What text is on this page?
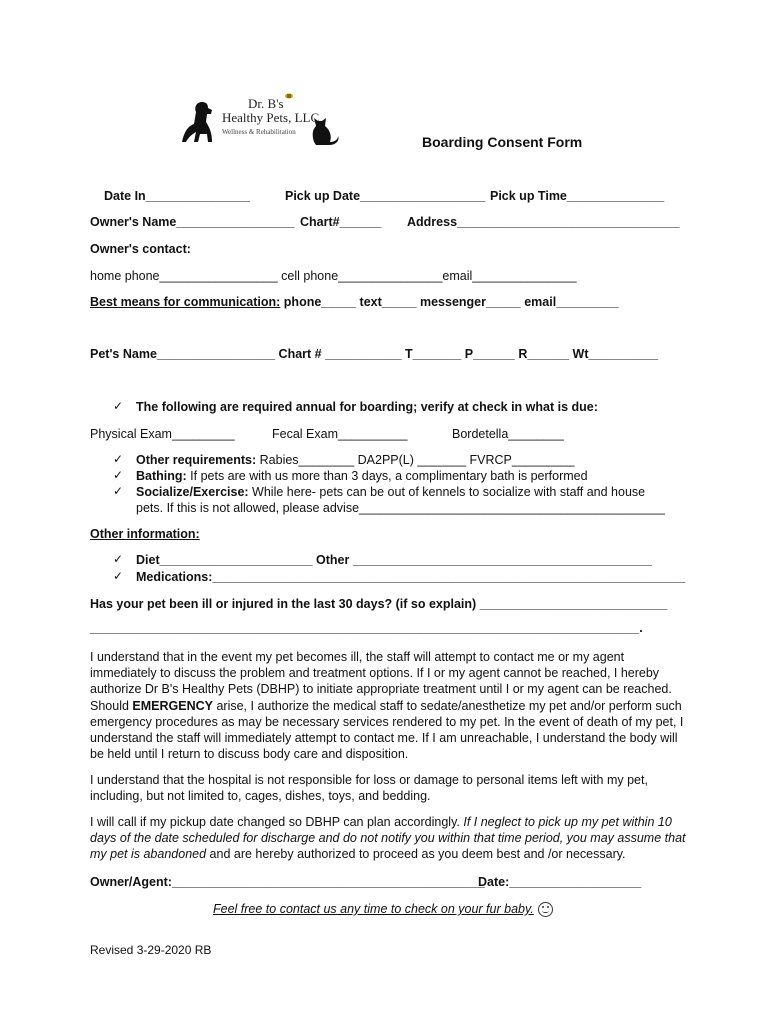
Dr. B's
Healthy Pets, LLC
Wellness & Rehabilitation
Boarding Consent Form
Date In_______________	Pick up Date__________________ Pick up Time______________
Owner's Name_________________ Chart#______ Address________________________________
Owner's contact:
home phone_________________ cell phone_______________email_______________
Best means for communication: phone_____ text_____ messenger_____ email_________
Pet's Name_________________ Chart # ___________ T_______ P______ R______ Wt__________
✓ The following are required annual for boarding; verify at check in what is due:
Physical Exam_________	Fecal Exam__________	Bordetella________
✓ Other requirements: Rabies________ DA2PP(L) _______ FVRCP_________
✓ Bathing: If pets are with us more than 3 days, a complimentary bath is performed
✓ Socialize/Exercise: While here- pets can be out of kennels to socialize with staff and house
pets. If this is not allowed, please advise____________________________________________
Other information:
✓ Diet______________________ Other ___________________________________________
✓ Medications:____________________________________________________________________
Has your pet been ill or injured in the last 30 days? (if so explain) ___________________________
_______________________________________________________________________________.
I understand that in the event my pet becomes ill, the staff will attempt to contact me or my agent immediately to discuss the problem and treatment options. If I or my agent cannot be reached, I hereby authorize Dr B's Healthy Pets (DBHP) to initiate appropriate treatment until I or my agent can be reached. Should EMERGENCY arise, I authorize the medical staff to sedate/anesthetize my pet and/or perform such emergency procedures as may be necessary services rendered to my pet. In the event of death of my pet, I understand the staff will immediately attempt to contact me. If I am unreachable, I understand the body will be held until I return to discuss body care and disposition.
I understand that the hospital is not responsible for loss or damage to personal items left with my pet, including, but not limited to, cages, dishes, toys, and bedding.
I will call if my pickup date changed so DBHP can plan accordingly. If I neglect to pick up my pet within 10 days of the date scheduled for discharge and do not notify you within that time period, you may assume that my pet is abandoned and are hereby authorized to proceed as you deem best and /or necessary.
Owner/Agent:_____________________________________________
Date:___________________
Feel free to contact us any time to check on your fur baby.
Revised 3-29-2020 RB
